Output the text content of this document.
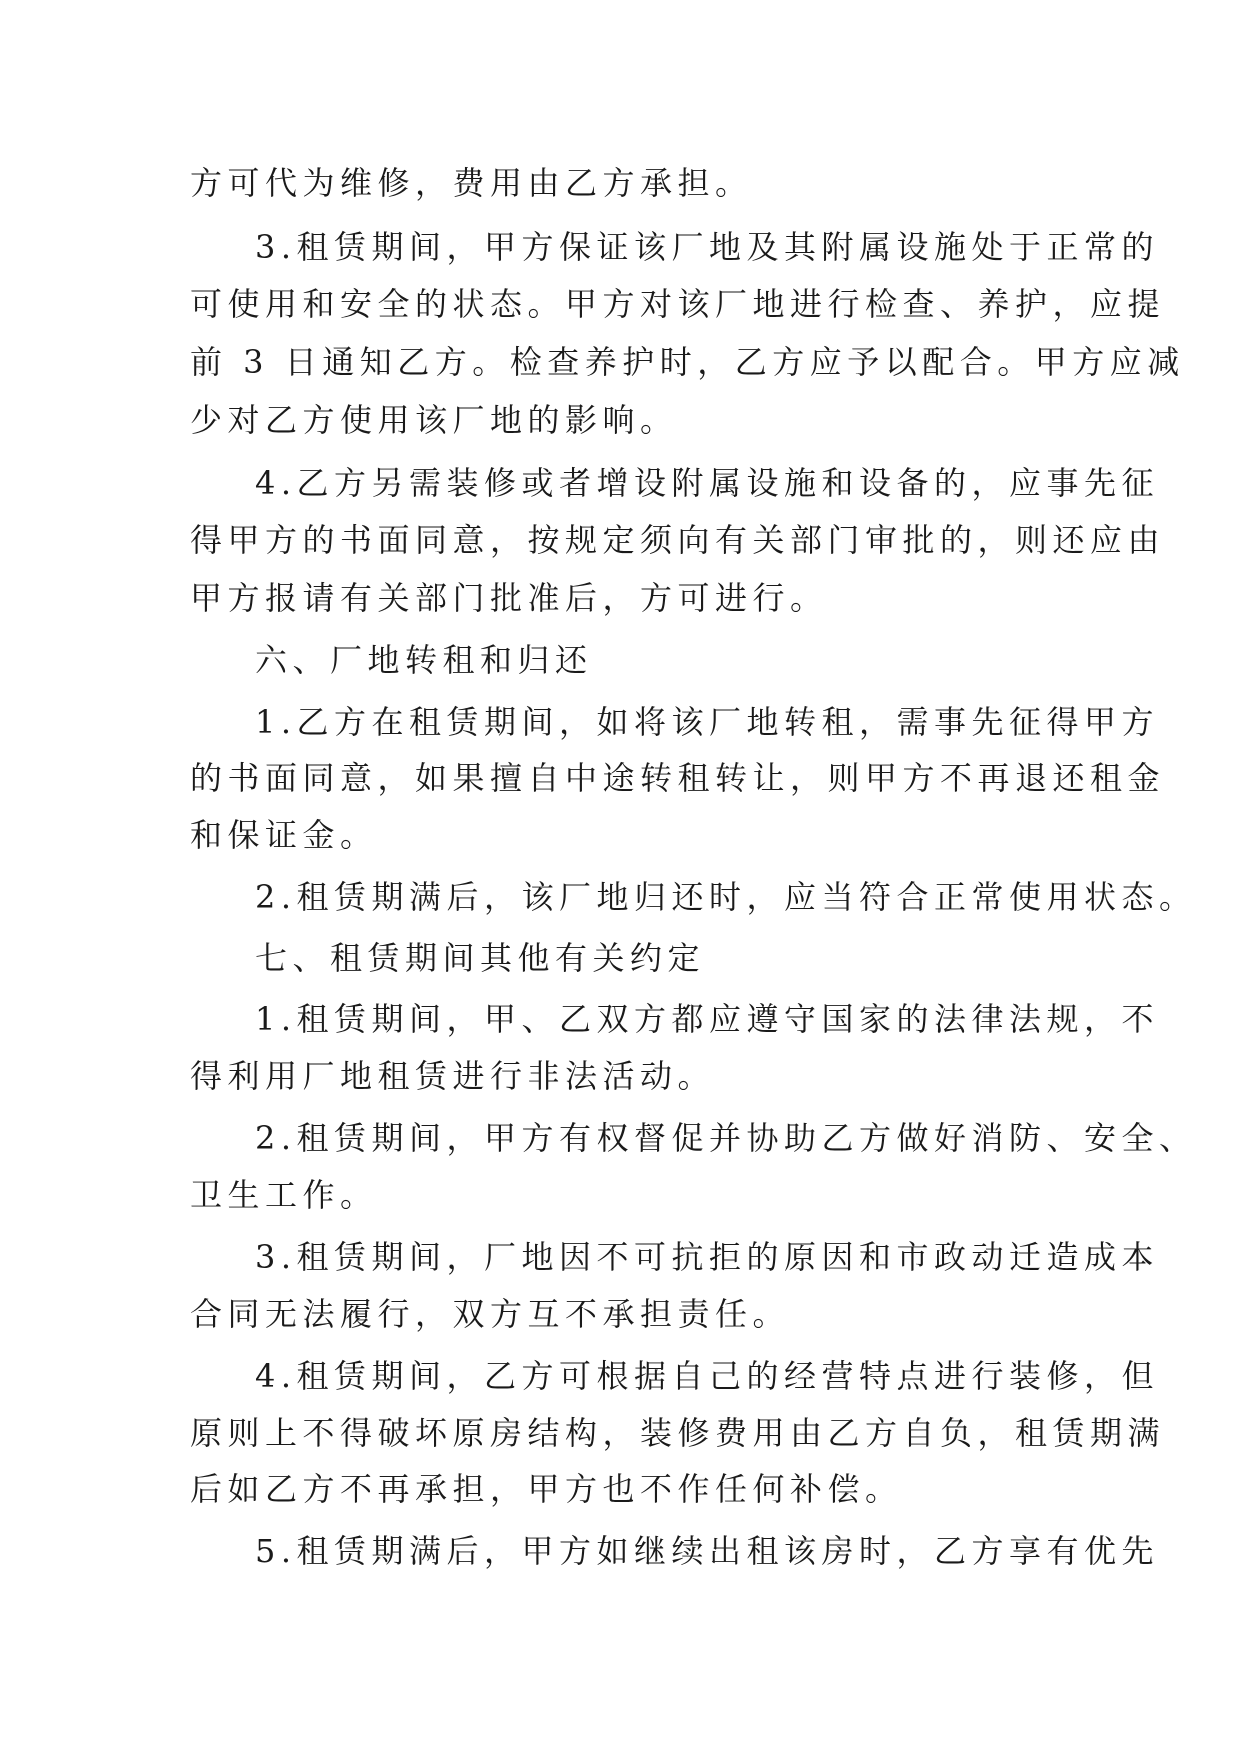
方可代为维修，费用由乙方承担。
3.租赁期间，甲方保证该厂地及其附属设施处于正常的
可使用和安全的状态。甲方对该厂地进行检查、养护，应提
前 3 日通知乙方。检查养护时，乙方应予以配合。甲方应减
少对乙方使用该厂地的影响。
4.乙方另需装修或者增设附属设施和设备的，应事先征
得甲方的书面同意，按规定须向有关部门审批的，则还应由
甲方报请有关部门批准后，方可进行。
六、厂地转租和归还
1.乙方在租赁期间，如将该厂地转租，需事先征得甲方
的书面同意，如果擅自中途转租转让，则甲方不再退还租金
和保证金。
2.租赁期满后，该厂地归还时，应当符合正常使用状态。
七、租赁期间其他有关约定
1.租赁期间，甲、乙双方都应遵守国家的法律法规，不
得利用厂地租赁进行非法活动。
2.租赁期间，甲方有权督促并协助乙方做好消防、安全、
卫生工作。
3.租赁期间，厂地因不可抗拒的原因和市政动迁造成本
合同无法履行，双方互不承担责任。
4.租赁期间，乙方可根据自己的经营特点进行装修，但
原则上不得破坏原房结构，装修费用由乙方自负，租赁期满
后如乙方不再承担，甲方也不作任何补偿。
5.租赁期满后，甲方如继续出租该房时，乙方享有优先
